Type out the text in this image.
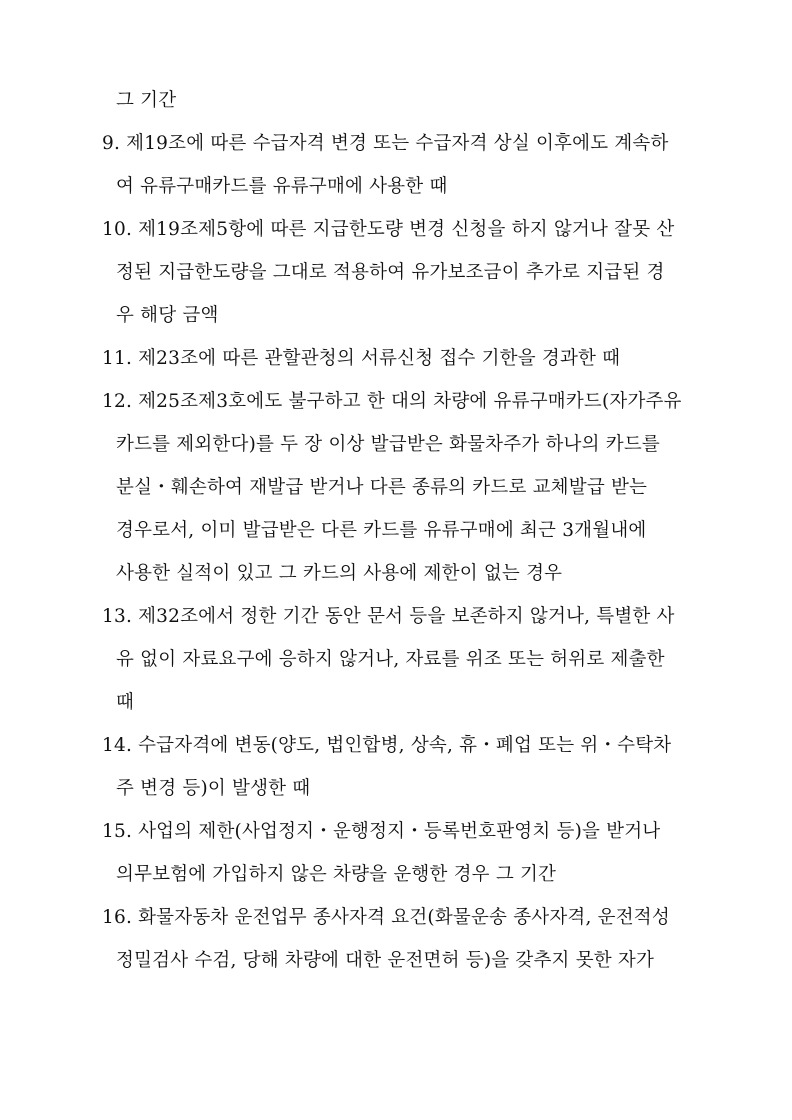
그 기간
9. 제19조에 따른 수급자격 변경 또는 수급자격 상실 이후에도 계속하
여 유류구매카드를 유류구매에 사용한 때
10. 제19조제5항에 따른 지급한도량 변경 신청을 하지 않거나 잘못 산
정된 지급한도량을 그대로 적용하여 유가보조금이 추가로 지급된 경
우 해당 금액
11. 제23조에 따른 관할관청의 서류신청 접수 기한을 경과한 때
12. 제25조제3호에도 불구하고 한 대의 차량에 유류구매카드(자가주유
카드를 제외한다)를 두 장 이상 발급받은 화물차주가 하나의 카드를
분실・훼손하여 재발급 받거나 다른 종류의 카드로 교체발급 받는
경우로서, 이미 발급받은 다른 카드를 유류구매에 최근 3개월내에
사용한 실적이 있고 그 카드의 사용에 제한이 없는 경우
13. 제32조에서 정한 기간 동안 문서 등을 보존하지 않거나, 특별한 사
유 없이 자료요구에 응하지 않거나, 자료를 위조 또는 허위로 제출한
때
14. 수급자격에 변동(양도, 법인합병, 상속, 휴・폐업 또는 위・수탁차
주 변경 등)이 발생한 때
15. 사업의 제한(사업정지・운행정지・등록번호판영치 등)을 받거나
의무보험에 가입하지 않은 차량을 운행한 경우 그 기간
16. 화물자동차 운전업무 종사자격 요건(화물운송 종사자격, 운전적성
정밀검사 수검, 당해 차량에 대한 운전면허 등)을 갖추지 못한 자가
